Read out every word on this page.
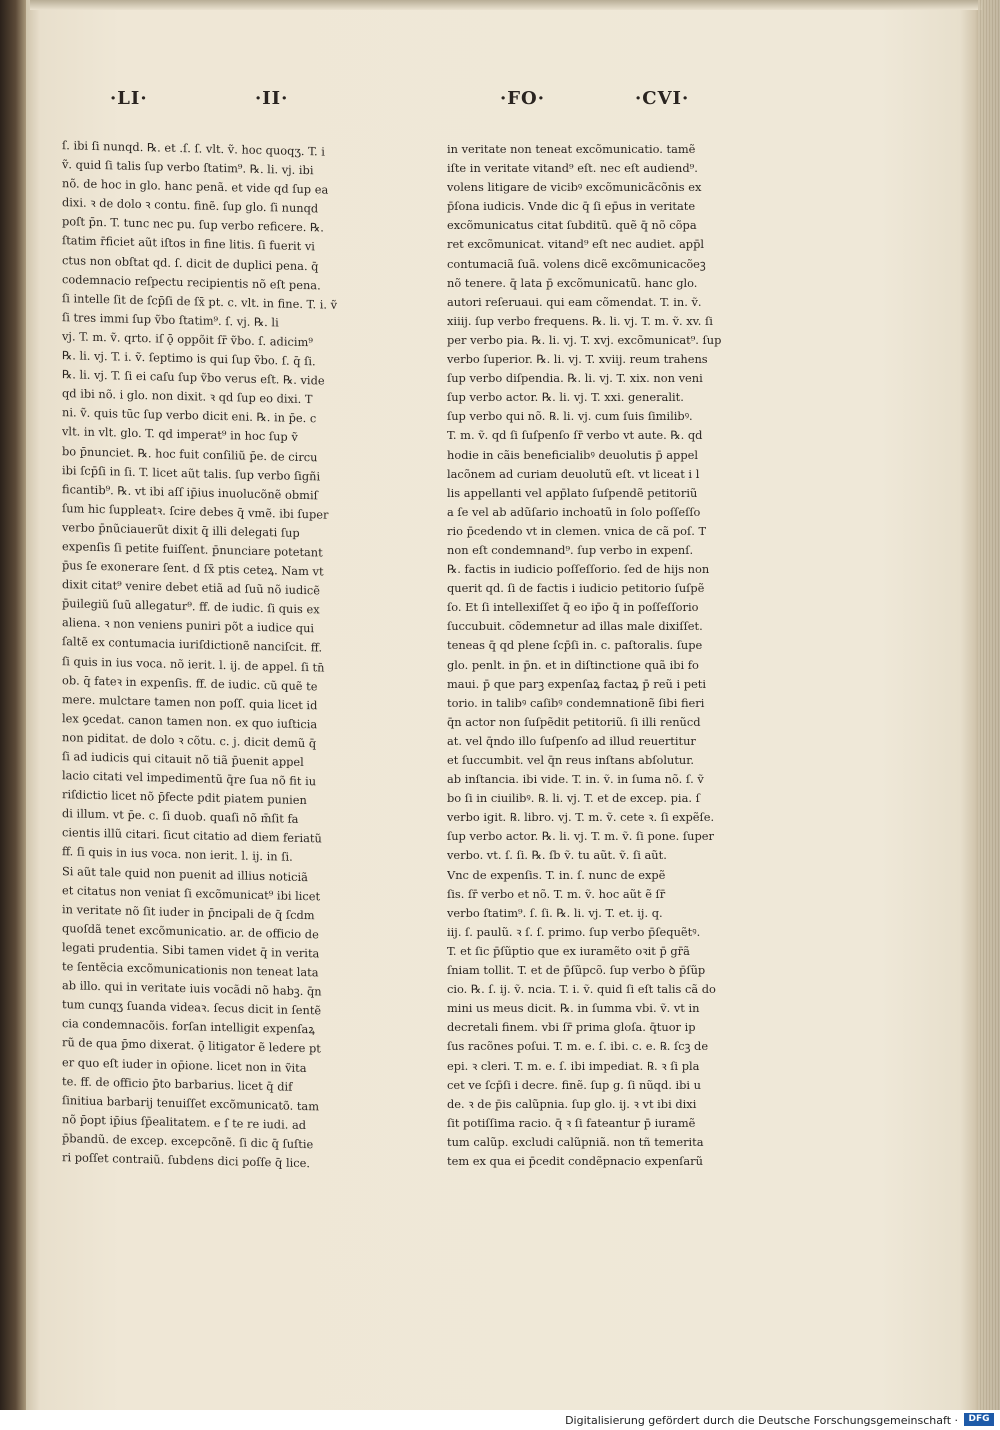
·LI·	·II·	·FO·	·CVI·
ſ. ibi ſi nunqd. ℞. et .ſ. ſ. vlt. ṽ. hoc quoqʒ. T. i
ṽ. quid ſi talis ſup verbo ſtatim⁹. ℞. li. vj. ibi
nõ. de hoc in glo. hanc penã. et vide qd ſup ea
dixi. ꝛ de dolo ꝛ contu. finẽ. ſup glo. ſi nunqd
poſt p̄n. T. tunc nec pu. ſup verbo reficere. ℞.
ſtatim r̄ficiet aũt iſtos in fine litis. ſi fuerit vi
ctus non obſtat qd. ſ. dicit de duplici pena. q̄
codemnacio reſpectu recipientis nõ eſt pena.
ſi intelle ſit de ſcp̄ſi de ſx̄ pt. c. vlt. in fine. T. i. ṽ
ſi tres immi ſup ṽbo ſtatim⁹. ſ. vj. ℞. li
vj. T. m. ṽ. qrto. iſ ǭ oppõit ſr̄ ṽbo. ſ. adicim⁹
℞. li. vj. T. i. ṽ. ſeptimo is qui ſup ṽbo. ſ. q̄ ſi.
℞. li. vj. T. ſi ei caſu ſup ṽbo verus eſt. ℞. vide
qd ibi nõ. i glo. non dixit. ꝛ qd ſup eo dixi. T
ni. ṽ. quis tūc ſup verbo dicit eni. ℞. in p̄e. c
vlt. in vlt. glo. T. qd imperat⁹ in hoc ſup ṽ
bo p̄nunciet. ℞. hoc fuit conſiliũ p̄e. de circu
ibi ſcp̄ſi in ſi. T. licet aũt talis. ſup verbo ſigñi
ficantib⁹. ℞. vt ibi aſſ ip̄ius inuolucõnẽ obmiſ
ſum hic ſuppleatꝛ. ſcire debes q̄ vmẽ. ibi ſuper
verbo p̄nũciauerũt dixit q̄ illi delegati ſup
expenſis ſi petite fuiſſent. p̄nunciare potetant
p̄us ſe exonerare ſent. d ſx̄ ptis ceteꝝ. Nam vt
dixit citat⁹ venire debet etiã ad ſuũ nõ iudicẽ
p̄uilegiũ ſuũ allegatur⁹. ff. de iudic. ſi quis ex
aliena. ꝛ non veniens puniri põt a iudice qui
ſaltẽ ex contumacia iuriſdictionẽ nanciſcit. ff.
ſi quis in ius voca. nõ ierit. l. ij. de appel. ſi tn̄
ob. q̄ fateꝛ in expenſis. ff. de iudic. cũ quẽ te
mere. mulctare tamen non poſſ. quia licet id
lex ꝯcedat. canon tamen non. ex quo iuſticia
non piditat. de dolo ꝛ cõtu. c. j. dicit demũ q̄
ſi ad iudicis qui citauit nõ tiã p̄uenit appel
lacio citati vel impedimentũ q̄re ſua nõ fit iu
riſdictio licet nõ p̄fecte pdit piatem punien
di illum. vt p̄e. c. ſi duob. quaſi nõ m̄ſit fa
cientis illũ citari. ſicut citatio ad diem feriatũ
ff. ſi quis in ius voca. non ierit. l. ij. in ſi.
Si aũt tale quid non puenit ad illius noticiã
et citatus non veniat ſi excõmunicat⁹ ibi licet
in veritate nõ ſit iuder in p̄ncipali de q̄ ſcdm
quoſdã tenet excõmunicatio. ar. de officio de
legati prudentia. Sibi tamen videt q̄ in verita
te ſentẽcia excõmunicationis non teneat lata
ab illo. qui in veritate iuis vocãdi nõ habꝫ. q̄n
tum cunqʒ ſuanda videaꝛ. ſecus dicit in ſentẽ
cia condemnacõis. forſan intelligit expenſaꝝ
rũ de qua p̄mo dixerat. ǭ litigator ẽ ledere pt
er quo eſt iuder in op̄ione. licet non in ṽita
te. ff. de officio p̄to barbarius. licet q̄ dif
ſinitiua barbarij tenuiſſet excõmunicatõ. tam
nõ p̄opt ip̄ius ſp̄ealitatem. e ſ te re iudi. ad
p̄bandũ. de excep. excepcõnẽ. ſi dic q̄ ſuſtie
ri poſſet contraiũ. ſubdens dici poſſe q̄ lice.
in veritate non teneat excõmunicatio. tamẽ
iſte in veritate vitand⁹ eſt. nec eſt audiend⁹.
volens litigare de vicibꝰ excõmunicãcõnis ex
p̄ſona iudicis. Vnde dic q̄ ſi ep̄us in veritate
excõmunicatus citat ſubditũ. quẽ q̄ nõ cõpa
ret excõmunicat. vitand⁹ eſt nec audiet. app̄l
contumaciã ſuã. volens dicẽ excõmunicacõeꝫ
nõ tenere. q̄ lata p̄ excõmunicatũ. hanc glo.
autori reſeruaui. qui eam cõmendat. T. in. ṽ.
xiiij. ſup verbo frequens. ℞. li. vj. T. m. ṽ. xv. ſi
per verbo pia. ℞. li. vj. T. xvj. excõmunicat⁹. ſup
verbo ſuperior. ℞. li. vj. T. xviij. reum trahens
ſup verbo diſpendia. ℞. li. vj. T. xix. non veni
ſup verbo actor. ℞. li. vj. T. xxi. generalit.
ſup verbo qui nõ. ℞. li. vj. cum ſuis ſimilibꝰ.
T. m. ṽ. qd ſi ſuſpenſo ſr̄ verbo vt aute. ℞. qd
hodie in cãis beneficialibꝰ deuolutis p̄ appel
lacõnem ad curiam deuolutũ eſt. vt liceat i l
lis appellanti vel app̄lato ſuſpendẽ petitoriũ
a ſe vel ab adũſario inchoatũ in ſolo poſſeſſo
rio p̄cedendo vt in clemen. vnica de cã poſ. T
non eſt condemnand⁹. ſup verbo in expenſ.
℞. factis in iudicio poſſeſſorio. ſed de hijs non
querit qd. ſi de factis i iudicio petitorio ſuſpẽ
ſo. Et ſi intellexiſſet q̄ eo ip̄o q̄ in poſſeſſorio
ſuccubuit. cõdemnetur ad illas male dixiſſet.
teneas q̄ qd plene ſcp̄ſi in. c. paſtoralis. ſupe
glo. penlt. in p̄n. et in diſtinctione quã ibi fo
maui. p̄ que parꝫ expenſaꝝ factaꝝ p̄ reũ i peti
torio. in talibꝰ caſibꝰ condemnationẽ ſibi fieri
q̄n actor non ſuſpẽdit petitoriũ. ſi illi renũcd
at. vel q̄ndo illo ſuſpenſo ad illud reuertitur
et ſuccumbit. vel q̄n reus inſtans abſolutur.
ab inſtancia. ibi vide. T. in. ṽ. in ſuma nõ. ſ. ṽ
bo ſi in ciuilibꝰ. ℞. li. vj. T. et de excep. pia. ſ
verbo igit. ℞. libro. vj. T. m. ṽ. cete ꝛ. ſi expẽſe.
ſup verbo actor. ℞. li. vj. T. m. ṽ. ſi pone. ſuper
verbo. vt. ſ. ſi. ℞. ſb ṽ. tu aũt. ṽ. ſi aũt.
Vnc de expenſis. T. in. ſ. nunc de expẽ
ſis. ſr̄ verbo et nõ. T. m. ṽ. hoc aũt ẽ ſr̄
verbo ſtatim⁹. ſ. ſi. ℞. li. vj. T. et. ij. q.
iij. ſ. paulũ. ꝛ ſ. ſ. primo. ſup verbo p̄ſequẽtꝰ.
T. et ſic p̄ſũptio que ex iuramẽto oꝛit p̄ gr̄ã
ſniam tollit. T. et de p̄ſũpcõ. ſup verbo ꝺ p̄ſũp
cio. ℞. ſ. ij. ṽ. ncia. T. i. ṽ. quid ſi eſt talis cã do
mini us meus dicit. ℞. in ſumma vbi. ṽ. vt in
decretali finem. vbi ſr̄ prima gloſa. q̄tuor ip
ſus racõnes poſui. T. m. e. ſ. ibi. c. e. ℞. ſcꝫ de
epi. ꝛ cleri. T. m. e. ſ. ibi impediat. ℞. ꝛ ſi pla
cet ve ſcp̄ſi i decre. finẽ. ſup g. ſi nũqd. ibi u
de. ꝛ de p̄is calũpnia. ſup glo. ij. ꝛ vt ibi dixi
ſit potiſſima racio. q̄ ꝛ ſi fateantur p̄ iuramẽ
tum calũp. excludi calũpniã. non tñ temerita
tem ex qua ei p̄cedit condẽpnacio expenſarũ
Digitalisierung gefördert durch die Deutsche Forschungsgemeinschaft ·	DFG
